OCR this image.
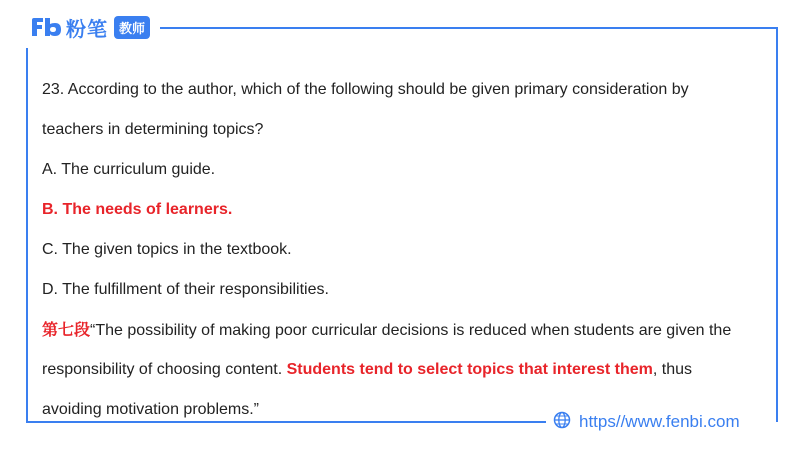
粉笔 教师
23. According to the author, which of the following should be given primary consideration by
teachers in determining topics?
A. The curriculum guide.
B. The needs of learners.
C. The given topics in the textbook.
D. The fulfillment of their responsibilities.
第七段“The possibility of making poor curricular decisions is reduced when students are given the
responsibility of choosing content. Students tend to select topics that interest them, thus
avoiding motivation problems.”
https//www.fenbi.com
